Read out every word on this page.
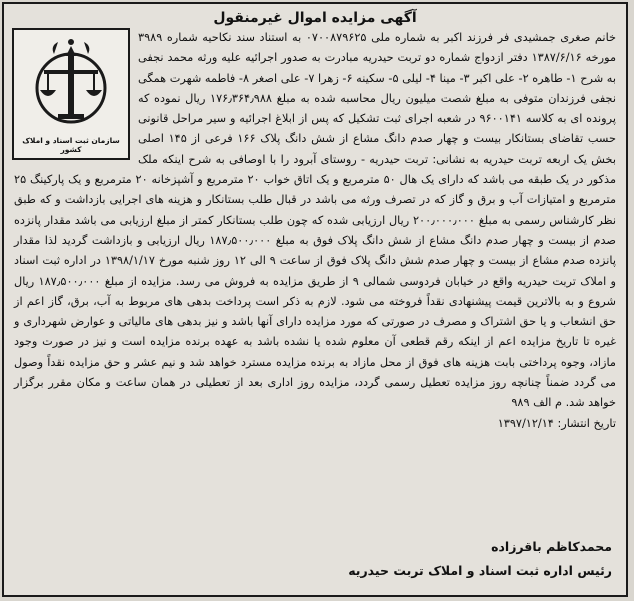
آگهی مزایده اموال غیرمنقول
خانم صغری جمشیدی فر فرزند اکبر به شماره ملی ۰۷۰۰۸۷۹۶۲۵ به استناد سند نکاحیه شماره ۳۹۸۹ مورخه ۱۳۸۷/۶/۱۶ دفتر ازدواج شماره دو تربت حیدریه مبادرت به صدور اجرائیه علیه ورثه محمد نجفی به شرح ۱- طاهره ۲- علی اکبر ۳- مینا ۴- لیلی ۵- سکینه ۶- زهرا ۷- علی اصغر ۸- فاطمه شهرت همگی نجفی فرزندان متوفی به مبلغ شصت میلیون ریال محاسبه شده به مبلغ ۱۷۶٫۳۶۴٫۹۸۸ ریال نموده که پرونده ای به کلاسه ۹۶۰۰۱۴۱ در شعبه اجرای ثبت تشکیل که پس از ابلاغ اجرائیه و سیر مراحل قانونی حسب تقاضای بستانکار بیست و چهار صدم دانگ مشاع از شش دانگ پلاک ۱۶۶ فرعی از ۱۴۵ اصلی بخش یک اربعه تربت حیدریه به نشانی: تربت حیدریه - روستای آبرود را با اوصافی به شرح اینکه ملک مذکور در یک طبقه می باشد که دارای یک هال ۵۰ مترمربع و یک اتاق خواب ۲۰ مترمربع و آشپزخانه ۲۰ مترمربع و یک پارکینگ ۲۵ مترمربع و امتیازات آب و برق و گاز که در تصرف ورثه می باشد در قبال طلب بستانکار و هزینه های اجرایی بازداشت و که طبق نظر کارشناس رسمی به مبلغ ۲۰۰٫۰۰۰٫۰۰۰ ریال ارزیابی شده که چون طلب بستانکار کمتر از مبلغ ارزیابی می باشد مقدار پانزده صدم از بیست و چهار صدم دانگ مشاع از شش دانگ پلاک فوق به مبلغ ۱۸۷٫۵۰۰٫۰۰۰ ریال ارزیابی و بازداشت گردید لذا مقدار پانزده صدم مشاع از بیست و چهار صدم شش دانگ پلاک فوق از ساعت ۹ الی ۱۲ روز شنبه مورخ ۱۳۹۸/۱/۱۷ در اداره ثبت اسناد و املاک تربت حیدریه واقع در خیابان فردوسی شمالی ۹ از طریق مزایده به فروش می رسد. مزایده از مبلغ ۱۸۷٫۵۰۰٫۰۰۰ ریال شروع و به بالاترین قیمت پیشنهادی نقداً فروخته می شود. لازم به ذکر است پرداخت بدهی های مربوط به آب، برق، گاز اعم از حق انشعاب و یا حق اشتراک و مصرف در صورتی که مورد مزایده دارای آنها باشد و نیز بدهی های مالیاتی و عوارض شهرداری و غیره تا تاریخ مزایده اعم از اینکه رقم قطعی آن معلوم شده یا نشده باشد به عهده برنده مزایده است و نیز در صورت وجود مازاد، وجوه پرداختی بابت هزینه های فوق از محل مازاد به برنده مزایده مسترد خواهد شد و نیم عشر و حق مزایده نقداً وصول می گردد ضمناً چنانچه روز مزایده تعطیل رسمی گردد، مزایده روز اداری بعد از تعطیلی در همان ساعت و مکان مقرر برگزار خواهد شد. م الف ۹۸۹
تاریخ انتشار: ۱۳۹۷/۱۲/۱۴
سازمان ثبت اسناد و املاک کشور
محمدکاظم باقرزاده
رئیس اداره ثبت اسناد و املاک تربت حیدریه
